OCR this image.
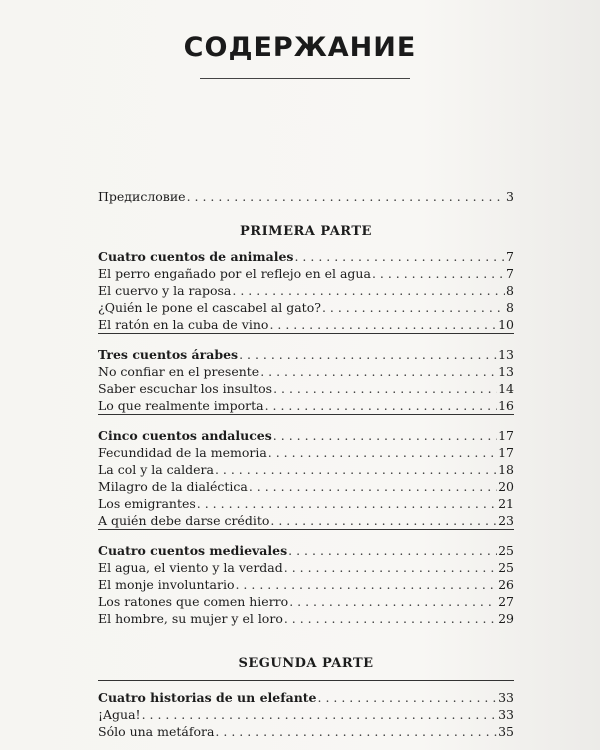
СОДЕРЖАНИЕ
Предисловие . . .	3
PRIMERA PARTE
Cuatro cuentos de animales . . .	7
El perro engañado por el reflejo en el agua . . .	7
El cuervo y la raposa . . .	8
¿Quién le pone el cascabel al gato? . . .	8
El ratón en la cuba de vino . . .	10
Tres cuentos árabes . . .	13
No confiar en el presente . . .	13
Saber escuchar los insultos . . .	14
Lo que realmente importa . . .	16
Cinco cuentos andaluces . . .	17
Fecundidad de la memoria . . .	17
La col y la caldera . . .	18
Milagro de la dialéctica . . .	20
Los emigrantes . . .	21
A quién debe darse crédito . . .	23
Cuatro cuentos medievales . . .	25
El agua, el viento y la verdad . . .	25
El monje involuntario . . .	26
Los ratones que comen hierro . . .	27
El hombre, su mujer y el loro . . .	29
SEGUNDA PARTE
Cuatro historias de un elefante . . .	33
¡Agua! . . .	33
Sólo una metáfora . . .	35
